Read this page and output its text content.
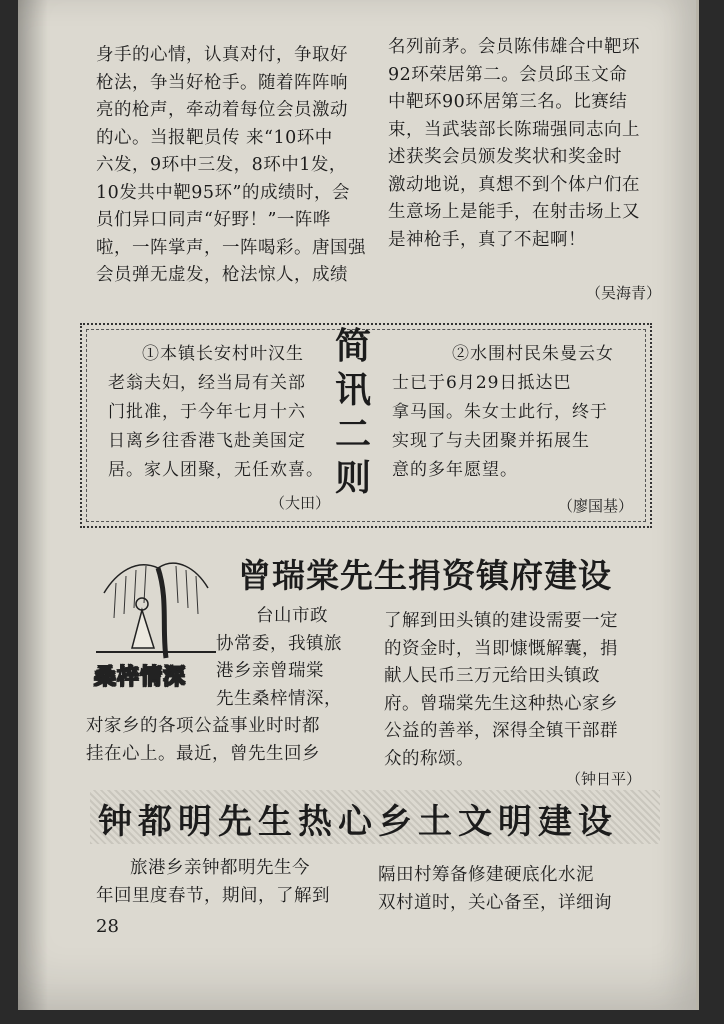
身手的心情，认真对付，争取好
枪法，争当好枪手。随着阵阵响
亮的枪声，牵动着每位会员激动
的心。当报靶员传 来“10环中
六发，9环中三发，8环中1发，
10发共中靶95环”的成绩时，会
员们异口同声“好野！”一阵哗
啦，一阵掌声，一阵喝彩。唐国强
会员弹无虚发，枪法惊人，成绩
名列前茅。会员陈伟雄合中靶环
92环荣居第二。会员邱玉文命
中靶环90环居第三名。比赛结
束，当武装部长陈瑞强同志向上
述获奖会员颁发奖状和奖金时
激动地说，真想不到个体户们在
生意场上是能手，在射击场上又
是神枪手，真了不起啊！
（吴海青）
简
讯
二
则
①本镇长安村叶汉生
老翁夫妇，经当局有关部
门批准，于今年七月十六
日离乡往香港飞赴美国定
居。家人团聚，无任欢喜。
（大田）
②水围村民朱曼云女
士已于6月29日抵达巴
拿马国。朱女士此行，终于
实现了与夫团聚并拓展生
意的多年愿望。
（廖国基）
桑梓情深
曾瑞棠先生捐资镇府建设
台山市政
协常委，我镇旅
港乡亲曾瑞棠
先生桑梓情深，
对家乡的各项公益事业时时都
挂在心上。最近，曾先生回乡
了解到田头镇的建设需要一定
的资金时，当即慷慨解囊，捐
献人民币三万元给田头镇政
府。曾瑞棠先生这种热心家乡
公益的善举，深得全镇干部群
众的称颂。
（钟日平）
钟都明先生热心乡土文明建设
旅港乡亲钟都明先生今
年回里度春节，期间，了解到
隔田村筹备修建硬底化水泥
双村道时，关心备至，详细询
28
